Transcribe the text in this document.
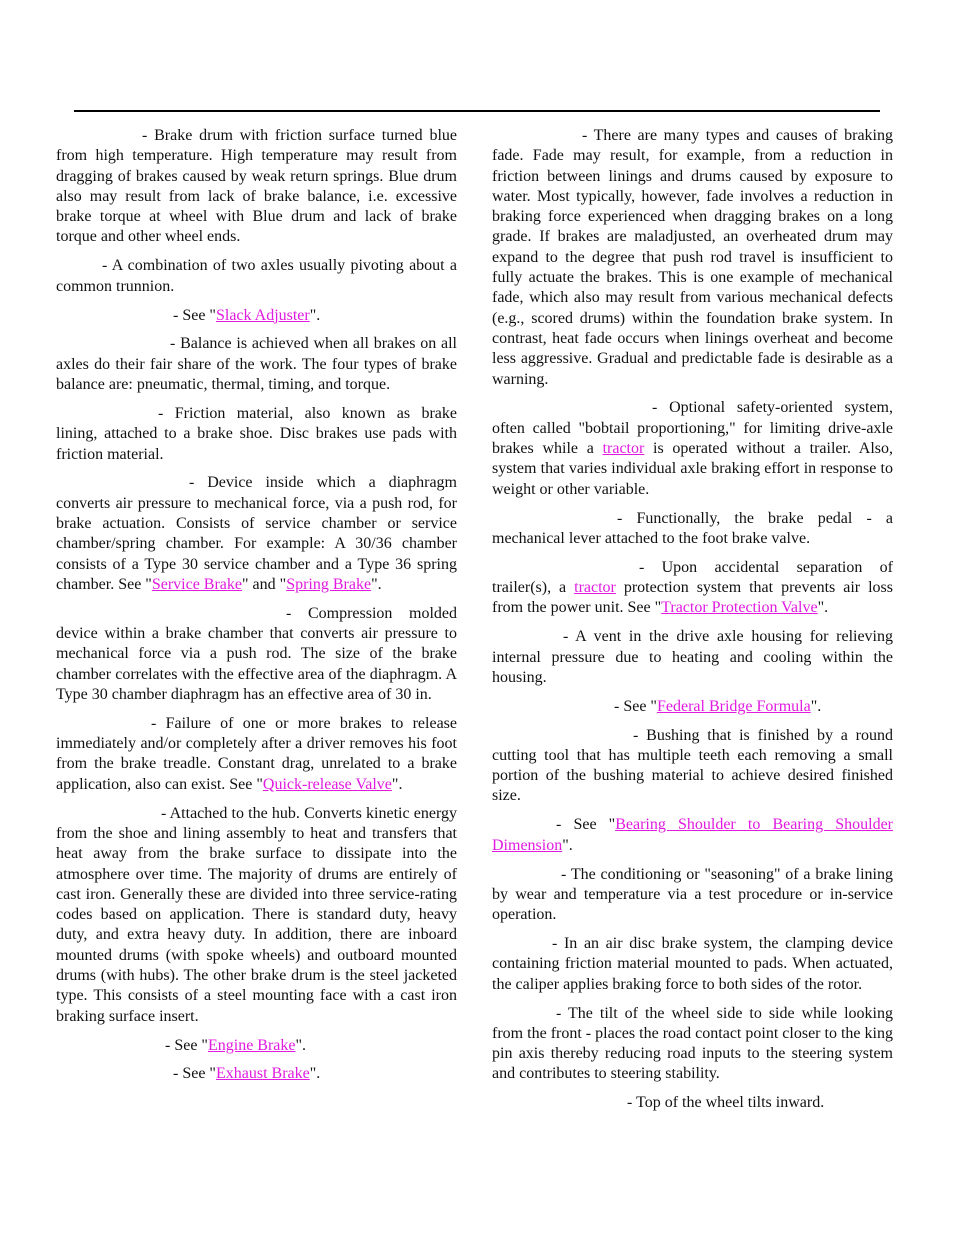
- Brake drum with friction surface turned blue from high temperature. High temperature may result from dragging of brakes caused by weak return springs. Blue drum also may result from lack of brake balance, i.e. excessive brake torque at wheel with Blue drum and lack of brake torque and other wheel ends.

- A combination of two axles usually pivoting about a common trunnion.

- See "Slack Adjuster".

- Balance is achieved when all brakes on all axles do their fair share of the work. The four types of brake balance are: pneumatic, thermal, timing, and torque.

- Friction material, also known as brake lining, attached to a brake shoe. Disc brakes use pads with friction material.

- Device inside which a diaphragm converts air pressure to mechanical force, via a push rod, for brake actuation. Consists of service chamber or service chamber/spring chamber. For example: A 30/36 chamber consists of a Type 30 service chamber and a Type 36 spring chamber. See "Service Brake" and "Spring Brake".

- Compression molded device within a brake chamber that converts air pressure to mechanical force via a push rod. The size of the brake chamber correlates with the effective area of the diaphragm. A Type 30 chamber diaphragm has an effective area of 30 in.

- Failure of one or more brakes to release immediately and/or completely after a driver removes his foot from the brake treadle. Constant drag, unrelated to a brake application, also can exist. See "Quick-release Valve".

- Attached to the hub. Converts kinetic energy from the shoe and lining assembly to heat and transfers that heat away from the brake surface to dissipate into the atmosphere over time. The majority of drums are entirely of cast iron. Generally these are divided into three service-rating codes based on application. There is standard duty, heavy duty, and extra heavy duty. In addition, there are inboard mounted drums (with spoke wheels) and outboard mounted drums (with hubs). The other brake drum is the steel jacketed type. This consists of a steel mounting face with a cast iron braking surface insert.

- See "Engine Brake".

- See "Exhaust Brake".

- There are many types and causes of braking fade. Fade may result, for example, from a reduction in friction between linings and drums caused by exposure to water. Most typically, however, fade involves a reduction in braking force experienced when dragging brakes on a long grade. If brakes are maladjusted, an overheated drum may expand to the degree that push rod travel is insufficient to fully actuate the brakes. This is one example of mechanical fade, which also may result from various mechanical defects (e.g., scored drums) within the foundation brake system. In contrast, heat fade occurs when linings overheat and become less aggressive. Gradual and predictable fade is desirable as a warning.

- Optional safety-oriented system, often called "bobtail proportioning," for limiting drive-axle brakes while a tractor is operated without a trailer. Also, system that varies individual axle braking effort in response to weight or other variable.

- Functionally, the brake pedal - a mechanical lever attached to the foot brake valve.

- Upon accidental separation of trailer(s), a tractor protection system that prevents air loss from the power unit. See "Tractor Protection Valve".

- A vent in the drive axle housing for relieving internal pressure due to heating and cooling within the housing.

- See "Federal Bridge Formula".

- Bushing that is finished by a round cutting tool that has multiple teeth each removing a small portion of the bushing material to achieve desired finished size.

- See "Bearing Shoulder to Bearing Shoulder Dimension".

- The conditioning or "seasoning" of a brake lining by wear and temperature via a test procedure or in-service operation.

- In an air disc brake system, the clamping device containing friction material mounted to pads. When actuated, the caliper applies braking force to both sides of the rotor.

- The tilt of the wheel side to side while looking from the front - places the road contact point closer to the king pin axis thereby reducing road inputs to the steering system and contributes to steering stability.

- Top of the wheel tilts inward.
